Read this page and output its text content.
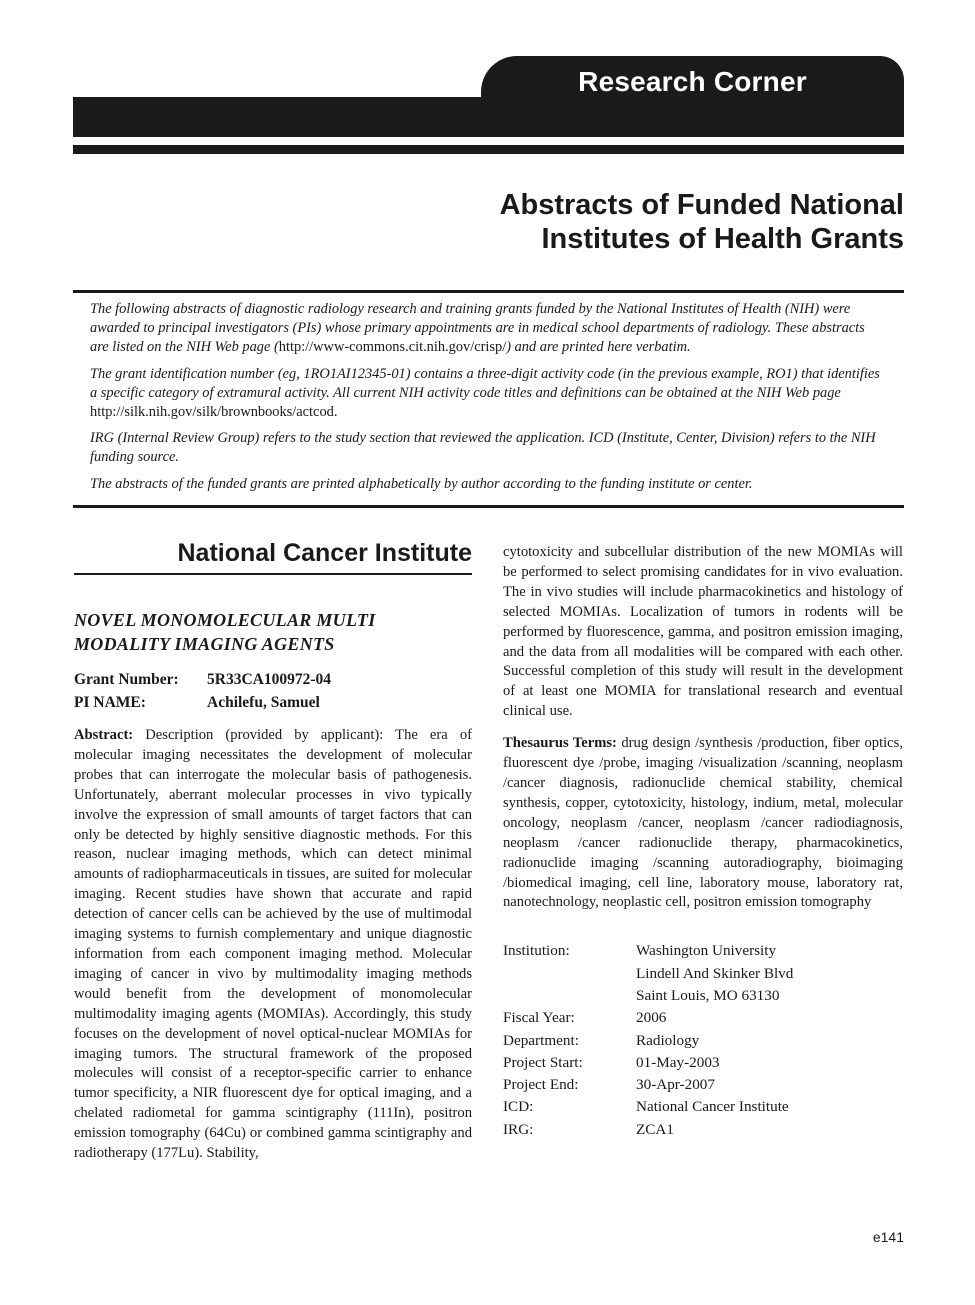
Research Corner
Abstracts of Funded National
Institutes of Health Grants

The following abstracts of diagnostic radiology research and training grants funded by the National Institutes of Health (NIH) were awarded to principal investigators (PIs) whose primary appointments are in medical school departments of radiology. These abstracts are listed on the NIH Web page (http://www-commons.cit.nih.gov/crisp/) and are printed here verbatim.

The grant identification number (eg, 1RO1AI12345-01) contains a three-digit activity code (in the previous example, RO1) that identifies a specific category of extramural activity. All current NIH activity code titles and definitions can be obtained at the NIH Web page http://silk.nih.gov/silk/brownbooks/actcod.

IRG (Internal Review Group) refers to the study section that reviewed the application. ICD (Institute, Center, Division) refers to the NIH funding source.

The abstracts of the funded grants are printed alphabetically by author according to the funding institute or center.

National Cancer Institute
NOVEL MONOMOLECULAR MULTI MODALITY IMAGING AGENTS
Grant Number:	5R33CA100972-04
PI NAME:	Achilefu, Samuel
Abstract: Description (provided by applicant): The era of molecular imaging necessitates the development of molecular probes that can interrogate the molecular basis of pathogenesis. Unfortunately, aberrant molecular processes in vivo typically involve the expression of small amounts of target factors that can only be detected by highly sensitive diagnostic methods. For this reason, nuclear imaging methods, which can detect minimal amounts of radiopharmaceuticals in tissues, are suited for molecular imaging. Recent studies have shown that accurate and rapid detection of cancer cells can be achieved by the use of multimodal imaging systems to furnish complementary and unique diagnostic information from each component imaging method. Molecular imaging of cancer in vivo by multimodality imaging methods would benefit from the development of monomolecular multimodality imaging agents (MOMIAs). Accordingly, this study focuses on the development of novel optical-nuclear MOMIAs for imaging tumors. The structural framework of the proposed molecules will consist of a receptor-specific carrier to enhance tumor specificity, a NIR fluorescent dye for optical imaging, and a chelated radiometal for gamma scintigraphy (111In), positron emission tomography (64Cu) or combined gamma scintigraphy and radiotherapy (177Lu). Stability,
cytotoxicity and subcellular distribution of the new MOMIAs will be performed to select promising candidates for in vivo evaluation. The in vivo studies will include pharmacokinetics and histology of selected MOMIAs. Localization of tumors in rodents will be performed by fluorescence, gamma, and positron emission imaging, and the data from all modalities will be compared with each other. Successful completion of this study will result in the development of at least one MOMIA for translational research and eventual clinical use.
Thesaurus Terms: drug design /synthesis /production, fiber optics, fluorescent dye /probe, imaging /visualization /scanning, neoplasm /cancer diagnosis, radionuclide chemical stability, chemical synthesis, copper, cytotoxicity, histology, indium, metal, molecular oncology, neoplasm /cancer, neoplasm /cancer radiodiagnosis, neoplasm /cancer radionuclide therapy, pharmacokinetics, radionuclide imaging /scanning autoradiography, bioimaging /biomedical imaging, cell line, laboratory mouse, laboratory rat, nanotechnology, neoplastic cell, positron emission tomography
Institution:	Washington University
Lindell And Skinker Blvd
Saint Louis, MO 63130
Fiscal Year:	2006
Department:	Radiology
Project Start:	01-May-2003
Project End:	30-Apr-2007
ICD:	National Cancer Institute
IRG:	ZCA1
e141
